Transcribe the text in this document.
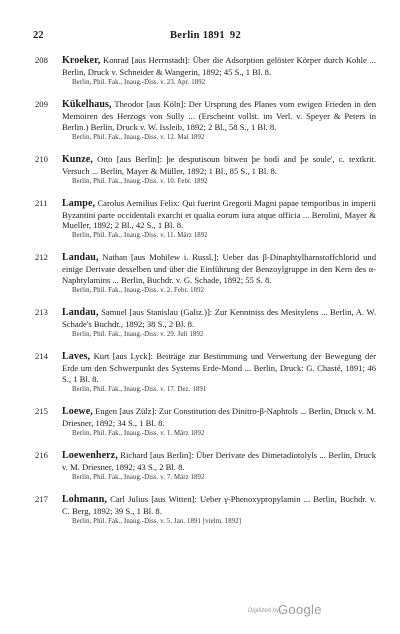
22	Berlin 1891 92
208 Kroeker, Konrad [aus Herrnstadt]: Über die Adsorption gelöster Körper durch Kohle ... Berlin, Druck v. Schneider & Wangerin, 1892; 45 S., 1 Bl. 8.
Berlin, Phil. Fak., Inaug.-Diss. v. 23. Apr. 1892
209 Kükelhaus, Theodor [aus Köln]: Der Ursprung des Planes vom ewigen Frieden in den Memoiren des Herzogs von Sully ... (Erscheint vollst. im Verl. v. Speyer & Peters in Berlin.) Berlin, Druck v. W. Issleib, 1892; 2 Bl., 58 S., 1 Bl. 8.
Berlin, Phil. Fak., Inaug.-Diss. v. 12. Mai 1892
210 Kunze, Otto [aus Berlin]: þe desputisoun bitwen þe bodi and þe soule', c. textkrit. Versuch ... Berlin, Mayer & Müller, 1892; 1 Bl., 85 S., 1 Bl. 8.
Berlin, Phil. Fak., Inaug.-Diss. v. 10. Febr. 1892
211 Lampe, Carolus Aemilius Felix: Qui fuerint Gregorii Magni papae temporibus in imperii Byzantini parte occidentali exarchi et qualia eorum iura atque officia ... Berolini, Mayer & Mueller, 1892; 2 Bl., 42 S., 1 Bl. 8.
Berlin, Phil. Fak., Inaug.-Diss. v. 11. März 1892
212 Landau, Nathan [aus Mohilew i. Russl.]: Ueber das β-Dinaphtylharnstoffchlorid und einige Derivate desselben und über die Einführung der Benzoylgruppe in den Kern des α-Naphtylamins ... Berlin, Buchdr. v. G. Schade, 1892; 55 S. 8.
Berlin, Phil. Fak., Inaug.-Diss. v. 2. Febr. 1892
213 Landau, Samuel [aus Stanislau (Galiz.)]: Zur Kenntniss des Mesitylens ... Berlin, A. W. Schade's Buchdr., 1892; 38 S., 2 Bl. 8.
Berlin, Phil. Fak., Inaug.-Diss. v. 29. Juli 1892
214 Laves, Kurt [aus Lyck]: Beiträge zur Bestimmung und Verwertung der Bewegung der Erde um den Schwerpunkt des Systems Erde-Mond ... Berlin, Druck: G. Chasté, 1891; 46 S., 1 Bl. 8.
Berlin, Phil. Fak., Inaug.-Diss. v. 17. Dez. 1891
215 Loewe, Eugen [aus Zülz]: Zur Constitution des Dinitro-β-Naphtols ... Berlin, Druck v. M. Driesner, 1892; 34 S., 1 Bl. 8.
Berlin, Phil. Fak., Inaug.-Diss. v. 1. März 1892
216 Loewenherz, Richard [aus Berlin]: Über Derivate des Dimetadiotolyls ... Berlin, Druck v. M. Driesner, 1892; 43 S., 2 Bl. 8.
Berlin, Phil. Fak., Inaug.-Diss. v. 7. März 1892
217 Lohmann, Carl Julius [aus Witten]: Ueber γ-Phenoxypropylamin ... Berlin, Buchdr. v. C. Berg, 1892; 39 S., 1 Bl. 8.
Berlin, Phil. Fak., Inaug.-Diss. v. 5. Jan. 1891 [vielm. 1892]
Digitized by
Google
